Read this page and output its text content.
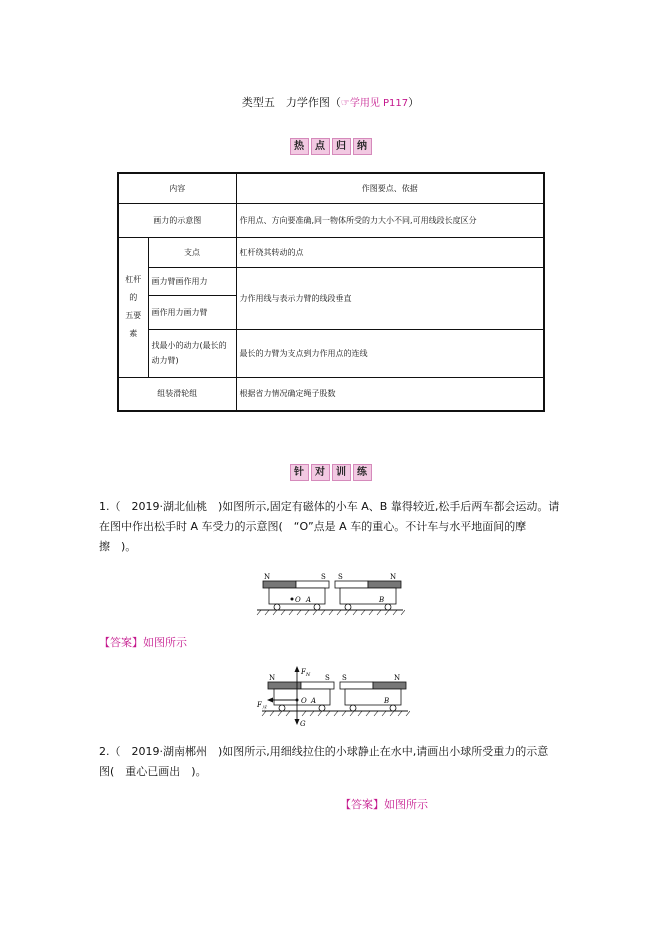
类型五　力学作图（☞学用见 P117）
热 点 归 纳
内容		作图要点、依据
画力的示意图		作用点、方向要准确,同一物体所受的力大小不同,可用线段长度区分

杠杆的
五要素	支点	杠杆绕其转动的点
	画力臂画作用力	力作用线与表示力臂的线段垂直
	画作用力画力臂	
	找最小的动力(最长的动力臂)	最长的力臂为支点到力作用点的连线
组装滑轮组		根据省力情况确定绳子股数
针 对 训 练
1.（　2019·湖北仙桃　)如图所示,固定有磁体的小车 A、B 靠得较近,松手后两车都会运动。请
在图中作出松手时 A 车受力的示意图(　“O”点是 A 车的重心。不计车与水平地面间的摩
擦　)。
N	S S	N
O A	B
【答案】如图所示
N	S S	N
$F_N$
$F_斥$
G
O A	B
2.（　2019·湖南郴州　)如图所示,用细线拉住的小球静止在水中,请画出小球所受重力的示意
图(　重心已画出　)。
【答案】如图所示
